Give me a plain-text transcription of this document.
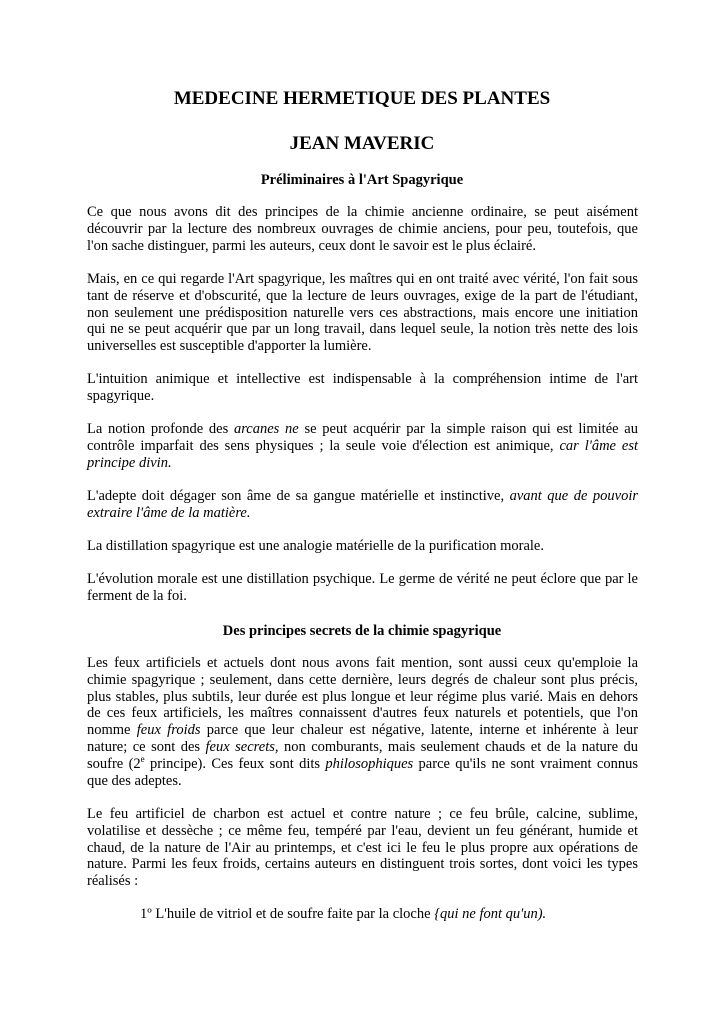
MEDECINE HERMETIQUE DES PLANTES
JEAN MAVERIC
Préliminaires à l'Art Spagyrique

Ce que nous avons dit des principes de la chimie ancienne ordinaire, se peut aisément découvrir par la lecture des nombreux ouvrages de chimie anciens, pour peu, toutefois, que l'on sache distinguer, parmi les auteurs, ceux dont le savoir est le plus éclairé.

Mais, en ce qui regarde l'Art spagyrique, les maîtres qui en ont traité avec vérité, l'on fait sous tant de réserve et d'obscurité, que la lecture de leurs ouvrages, exige de la part de l'étudiant, non seulement une prédisposition naturelle vers ces abstractions, mais encore une initiation qui ne se peut acquérir que par un long travail, dans lequel seule, la notion très nette des lois universelles est susceptible d'apporter la lumière.

L'intuition animique et intellective est indispensable à la compréhension intime de l'art spagyrique.

La notion profonde des arcanes ne se peut acquérir par la simple raison qui est limitée au contrôle imparfait des sens physiques ; la seule voie d'élection est animique, car l'âme est principe divin.

L'adepte doit dégager son âme de sa gangue matérielle et instinctive, avant que de pouvoir extraire l'âme de la matière.

La distillation spagyrique est une analogie matérielle de la purification morale.

L'évolution morale est une distillation psychique. Le germe de vérité ne peut éclore que par le ferment de la foi.

Des principes secrets de la chimie spagyrique

Les feux artificiels et actuels dont nous avons fait mention, sont aussi ceux qu'emploie la chimie spagyrique ; seulement, dans cette dernière, leurs degrés de chaleur sont plus précis, plus stables, plus subtils, leur durée est plus longue et leur régime plus varié. Mais en dehors de ces feux artificiels, les maîtres connaissent d'autres feux naturels et potentiels, que l'on nomme feux froids parce que leur chaleur est négative, latente, interne et inhérente à leur nature; ce sont des feux secrets, non comburants, mais seulement chauds et de la nature du soufre (2e principe). Ces feux sont dits philosophiques parce qu'ils ne sont vraiment connus que des adeptes.

Le feu artificiel de charbon est actuel et contre nature ; ce feu brûle, calcine, sublime, volatilise et dessèche ; ce même feu, tempéré par l'eau, devient un feu générant, humide et chaud, de la nature de l'Air au printemps, et c'est ici le feu le plus propre aux opérations de nature. Parmi les feux froids, certains auteurs en distinguent trois sortes, dont voici les types réalisés :

1º L'huile de vitriol et de soufre faite par la cloche {qui ne font qu'un).
